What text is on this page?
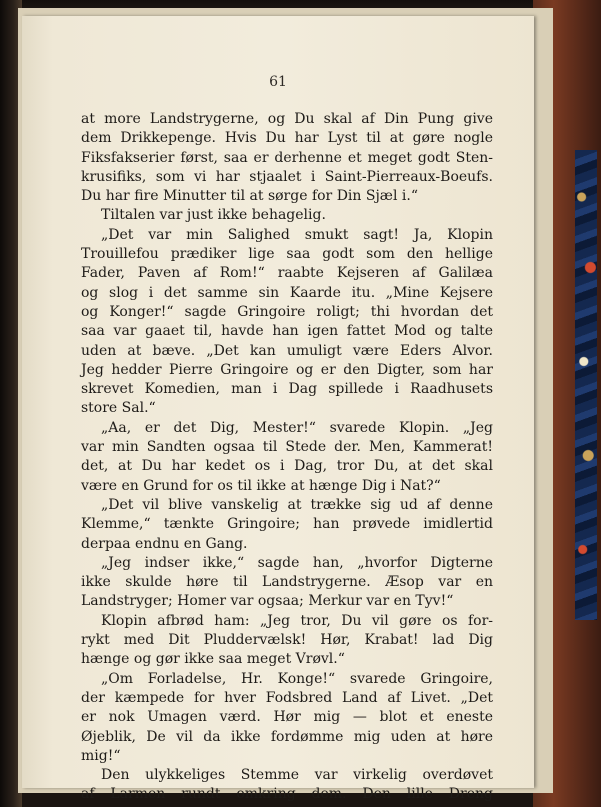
61
at more Landstrygerne, og Du skal af Din Pung give
dem Drikkepenge. Hvis Du har Lyst til at gøre nogle
Fiksfakserier først, saa er derhenne et meget godt Sten-
krusifiks, som vi har stjaalet i Saint-Pierreaux-Boeufs.
Du har fire Minutter til at sørge for Din Sjæl i.“
Tiltalen var just ikke behagelig.
„Det var min Salighed smukt sagt! Ja, Klopin
Trouillefou prædiker lige saa godt som den hellige
Fader, Paven af Rom!“ raabte Kejseren af Galilæa
og slog i det samme sin Kaarde itu. „Mine Kejsere
og Konger!“ sagde Gringoire roligt; thi hvordan det
saa var gaaet til, havde han igen fattet Mod og talte
uden at bæve. „Det kan umuligt være Eders Alvor.
Jeg hedder Pierre Gringoire og er den Digter, som har
skrevet Komedien, man i Dag spillede i Raadhusets
store Sal.“
„Aa, er det Dig, Mester!“ svarede Klopin. „Jeg
var min Sandten ogsaa til Stede der. Men, Kammerat!
det, at Du har kedet os i Dag, tror Du, at det skal
være en Grund for os til ikke at hænge Dig i Nat?“
„Det vil blive vanskelig at trække sig ud af denne
Klemme,“ tænkte Gringoire; han prøvede imidlertid
derpaa endnu en Gang.
„Jeg indser ikke,“ sagde han, „hvorfor Digterne
ikke skulde høre til Landstrygerne. Æsop var en
Landstryger; Homer var ogsaa; Merkur var en Tyv!“
Klopin afbrød ham: „Jeg tror, Du vil gøre os for-
rykt med Dit Pluddervælsk! Hør, Krabat! lad Dig
hænge og gør ikke saa meget Vrøvl.“
„Om Forladelse, Hr. Konge!“ svarede Gringoire,
der kæmpede for hver Fodsbred Land af Livet. „Det
er nok Umagen værd. Hør mig — blot et eneste
Øjeblik, De vil da ikke fordømme mig uden at høre
mig!“
Den ulykkeliges Stemme var virkelig overdøvet
af Larmen rundt omkring dem. Den lille Dreng
